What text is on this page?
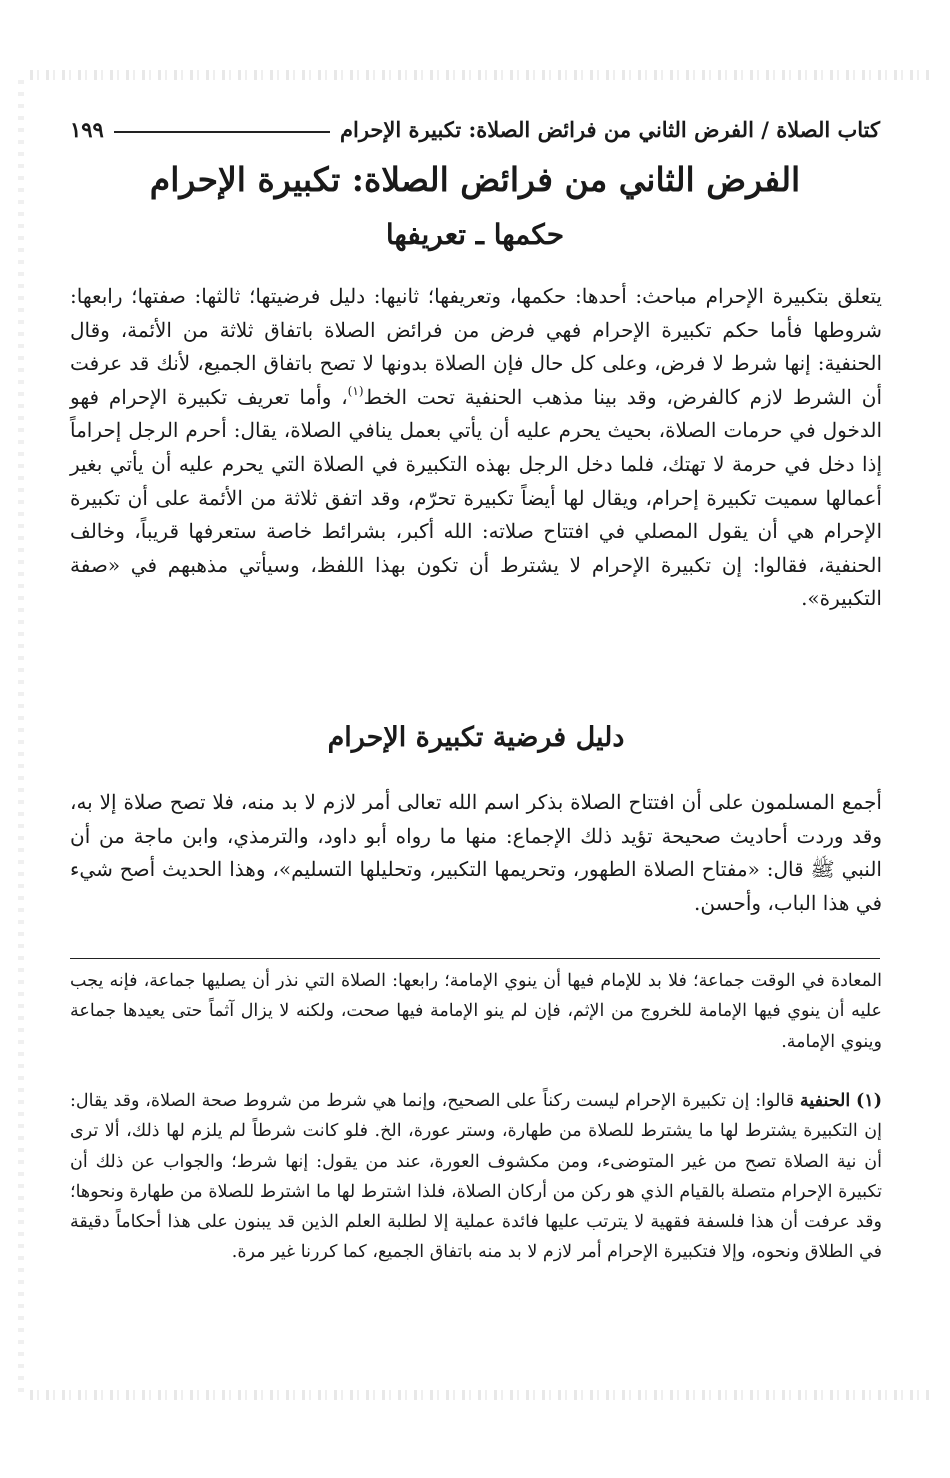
كتاب الصلاة / الفرض الثاني من فرائض الصلاة: تكبيرة الإحرام
١٩٩
الفرض الثاني من فرائض الصلاة: تكبيرة الإحرام
حكمها ـ تعريفها

يتعلق بتكبيرة الإحرام مباحث: أحدها: حكمها، وتعريفها؛ ثانيها: دليل فرضيتها؛ ثالثها: صفتها؛ رابعها: شروطها فأما حكم تكبيرة الإحرام فهي فرض من فرائض الصلاة باتفاق ثلاثة من الأئمة، وقال الحنفية: إنها شرط لا فرض، وعلى كل حال فإن الصلاة بدونها لا تصح باتفاق الجميع، لأنك قد عرفت أن الشرط لازم كالفرض، وقد بينا مذهب الحنفية تحت الخط$^{(١)}$، وأما تعريف تكبيرة الإحرام فهو الدخول في حرمات الصلاة، بحيث يحرم عليه أن يأتي بعمل ينافي الصلاة، يقال: أحرم الرجل إحراماً إذا دخل في حرمة لا تهتك، فلما دخل الرجل بهذه التكبيرة في الصلاة التي يحرم عليه أن يأتي بغير أعمالها سميت تكبيرة إحرام، ويقال لها أيضاً تكبيرة تحرّم، وقد اتفق ثلاثة من الأئمة على أن تكبيرة الإحرام هي أن يقول المصلي في افتتاح صلاته: الله أكبر، بشرائط خاصة ستعرفها قريباً، وخالف الحنفية، فقالوا: إن تكبيرة الإحرام لا يشترط أن تكون بهذا اللفظ، وسيأتي مذهبهم في «صفة التكبيرة».

دليل فرضية تكبيرة الإحرام

أجمع المسلمون على أن افتتاح الصلاة بذكر اسم الله تعالى أمر لازم لا بد منه، فلا تصح صلاة إلا به، وقد وردت أحاديث صحيحة تؤيد ذلك الإجماع: منها ما رواه أبو داود، والترمذي، وابن ماجة من أن النبي ﷺ قال: «مفتاح الصلاة الطهور، وتحريمها التكبير، وتحليلها التسليم»، وهذا الحديث أصح شيء في هذا الباب، وأحسن.

المعادة في الوقت جماعة؛ فلا بد للإمام فيها أن ينوي الإمامة؛ رابعها: الصلاة التي نذر أن يصليها جماعة، فإنه يجب عليه أن ينوي فيها الإمامة للخروج من الإثم، فإن لم ينو الإمامة فيها صحت، ولكنه لا يزال آثماً حتى يعيدها جماعة وينوي الإمامة.

(١) الحنفية قالوا: إن تكبيرة الإحرام ليست ركناً على الصحيح، وإنما هي شرط من شروط صحة الصلاة، وقد يقال: إن التكبيرة يشترط لها ما يشترط للصلاة من طهارة، وستر عورة، الخ. فلو كانت شرطاً لم يلزم لها ذلك، ألا ترى أن نية الصلاة تصح من غير المتوضىء، ومن مكشوف العورة، عند من يقول: إنها شرط؛ والجواب عن ذلك أن تكبيرة الإحرام متصلة بالقيام الذي هو ركن من أركان الصلاة، فلذا اشترط لها ما اشترط للصلاة من طهارة ونحوها؛ وقد عرفت أن هذا فلسفة فقهية لا يترتب عليها فائدة عملية إلا لطلبة العلم الذين قد يبنون على هذا أحكاماً دقيقة في الطلاق ونحوه، وإلا فتكبيرة الإحرام أمر لازم لا بد منه باتفاق الجميع، كما كررنا غير مرة.
